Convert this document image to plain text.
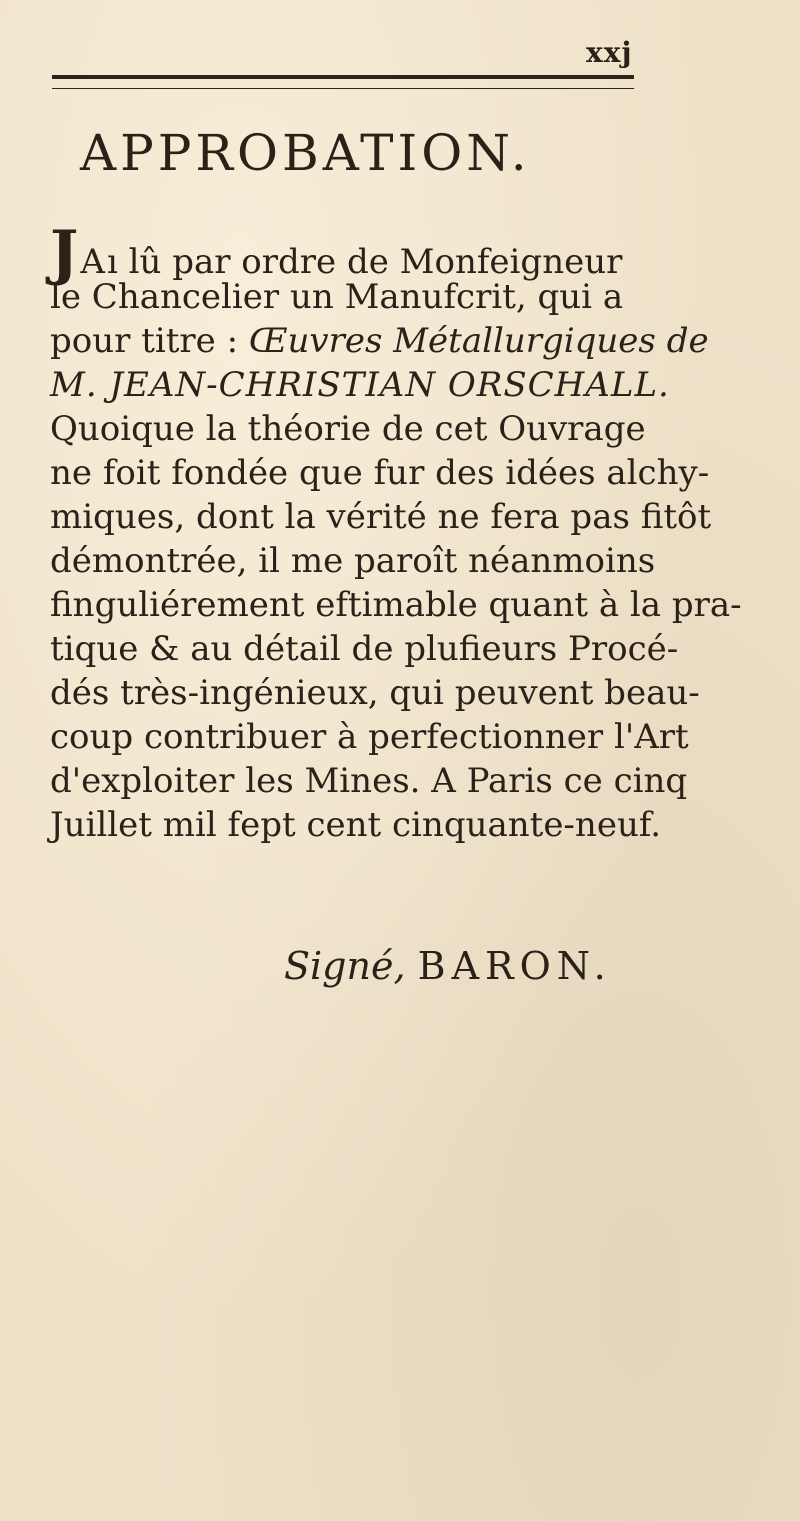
xxj
APPROBATION.
JAı lû par ordre de Monfeigneur
le Chancelier un Manufcrit, qui a
pour titre : Œuvres Métallurgiques de
M. JEAN-CHRISTIAN ORSCHALL.
Quoique la théorie de cet Ouvrage
ne foit fondée que fur des idées alchy-
miques, dont la vérité ne fera pas fitôt
démontrée, il me paroît néanmoins
finguliérement eftimable quant à la pra-
tique & au détail de plufieurs Procé-
dés très-ingénieux, qui peuvent beau-
coup contribuer à perfectionner l'Art
d'exploiter les Mines. A Paris ce cinq
Juillet mil fept cent cinquante-neuf.
Signé, BARON.
